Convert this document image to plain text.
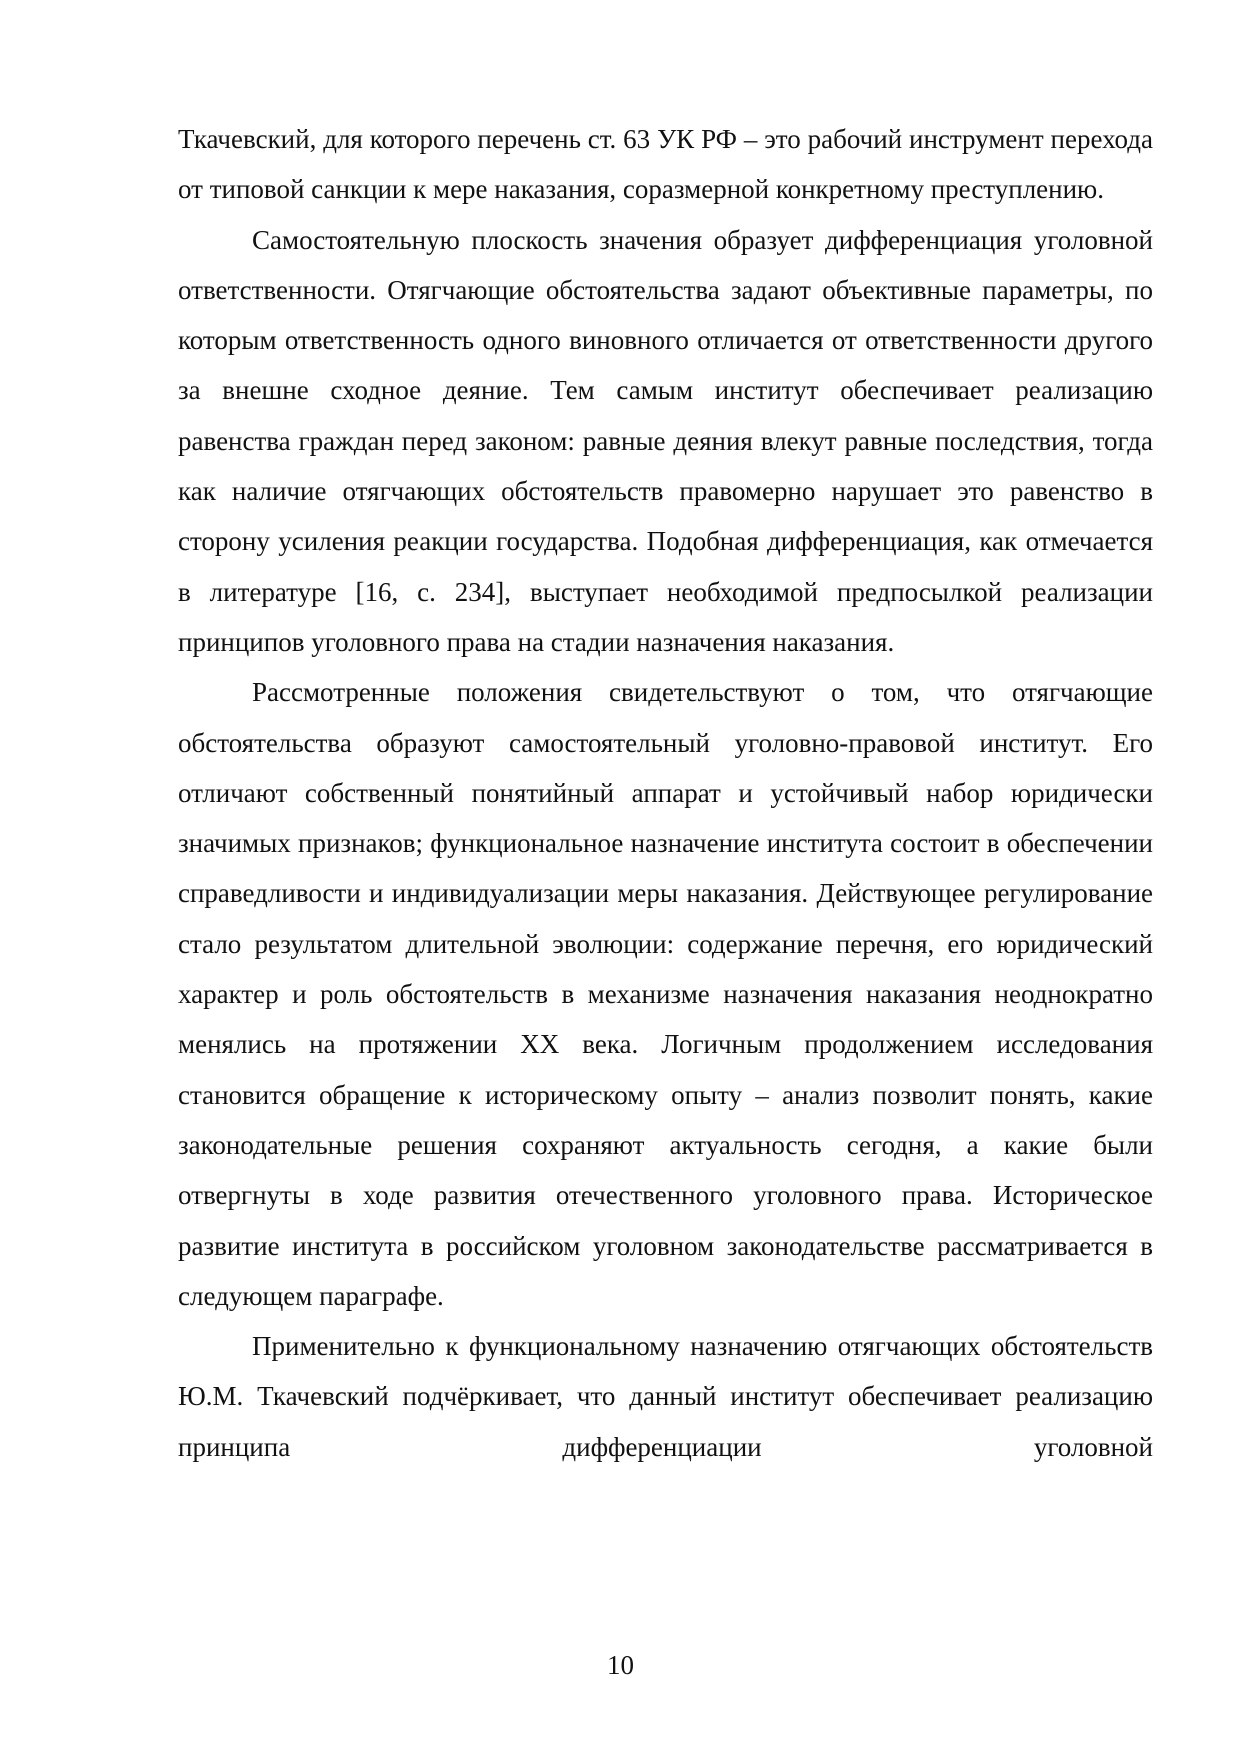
Ткачевский, для которого перечень ст. 63 УК РФ – это рабочий инструмент перехода от типовой санкции к мере наказания, соразмерной конкретному преступлению.

Самостоятельную плоскость значения образует дифференциация уголовной ответственности. Отягчающие обстоятельства задают объективные параметры, по которым ответственность одного виновного отличается от ответственности другого за внешне сходное деяние. Тем самым институт обеспечивает реализацию равенства граждан перед законом: равные деяния влекут равные последствия, тогда как наличие отягчающих обстоятельств правомерно нарушает это равенство в сторону усиления реакции государства. Подобная дифференциация, как отмечается в литературе [16, с. 234], выступает необходимой предпосылкой реализации принципов уголовного права на стадии назначения наказания.

Рассмотренные положения свидетельствуют о том, что отягчающие обстоятельства образуют самостоятельный уголовно-правовой институт. Его отличают собственный понятийный аппарат и устойчивый набор юридически значимых признаков; функциональное назначение института состоит в обеспечении справедливости и индивидуализации меры наказания. Действующее регулирование стало результатом длительной эволюции: содержание перечня, его юридический характер и роль обстоятельств в механизме назначения наказания неоднократно менялись на протяжении XX века. Логичным продолжением исследования становится обращение к историческому опыту – анализ позволит понять, какие законодательные решения сохраняют актуальность сегодня, а какие были отвергнуты в ходе развития отечественного уголовного права. Историческое развитие института в российском уголовном законодательстве рассматривается в следующем параграфе.

Применительно к функциональному назначению отягчающих обстоятельств Ю.М. Ткачевский подчёркивает, что данный институт обеспечивает реализацию принципа дифференциации уголовной

10
